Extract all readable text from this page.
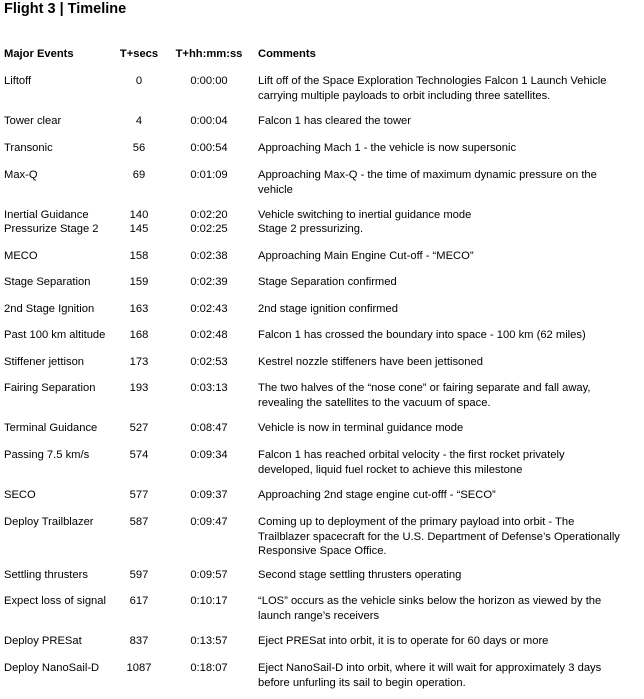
Flight 3 | Timeline
Major Events	T+secs	T+hh:mm:ss	Comments
Liftoff	0	0:00:00	Lift off of the Space Exploration Technologies Falcon 1 Launch Vehicle
carrying multiple payloads to orbit including three satellites.
Tower clear	4	0:00:04	Falcon 1 has cleared the tower
Transonic	56	0:00:54	Approaching Mach 1 - the vehicle is now supersonic
Max-Q	69	0:01:09	Approaching Max-Q - the time of maximum dynamic pressure on the
vehicle
Inertial Guidance	140	0:02:20	Vehicle switching to inertial guidance mode
Pressurize Stage 2	145	0:02:25	Stage 2 pressurizing.
MECO	158	0:02:38	Approaching Main Engine Cut-off - “MECO”
Stage Separation	159	0:02:39	Stage Separation confirmed
2nd Stage Ignition	163	0:02:43	2nd stage ignition confirmed
Past 100 km altitude	168	0:02:48	Falcon 1 has crossed the boundary into space - 100 km (62 miles)
Stiffener jettison	173	0:02:53	Kestrel nozzle stiffeners have been jettisoned
Fairing Separation	193	0:03:13	The two halves of the “nose cone” or fairing separate and fall away,
revealing the satellites to the vacuum of space.
Terminal Guidance	527	0:08:47	Vehicle is now in terminal guidance mode
Passing 7.5 km/s	574	0:09:34	Falcon 1 has reached orbital velocity - the first rocket privately
developed, liquid fuel rocket to achieve this milestone
SECO	577	0:09:37	Approaching 2nd stage engine cut-offf - “SECO”
Deploy Trailblazer	587	0:09:47	Coming up to deployment of the primary payload into orbit - The
Trailblazer spacecraft for the U.S. Department of Defense’s Operationally
Responsive Space Office.
Settling thrusters	597	0:09:57	Second stage settling thrusters operating
Expect loss of signal	617	0:10:17	“LOS” occurs as the vehicle sinks below the horizon as viewed by the
launch range’s receivers
Deploy PRESat	837	0:13:57	Eject PRESat into orbit, it is to operate for 60 days or more
Deploy NanoSail-D	1087	0:18:07	Eject NanoSail-D into orbit, where it will wait for approximately 3 days
before unfurling its sail to begin operation.
